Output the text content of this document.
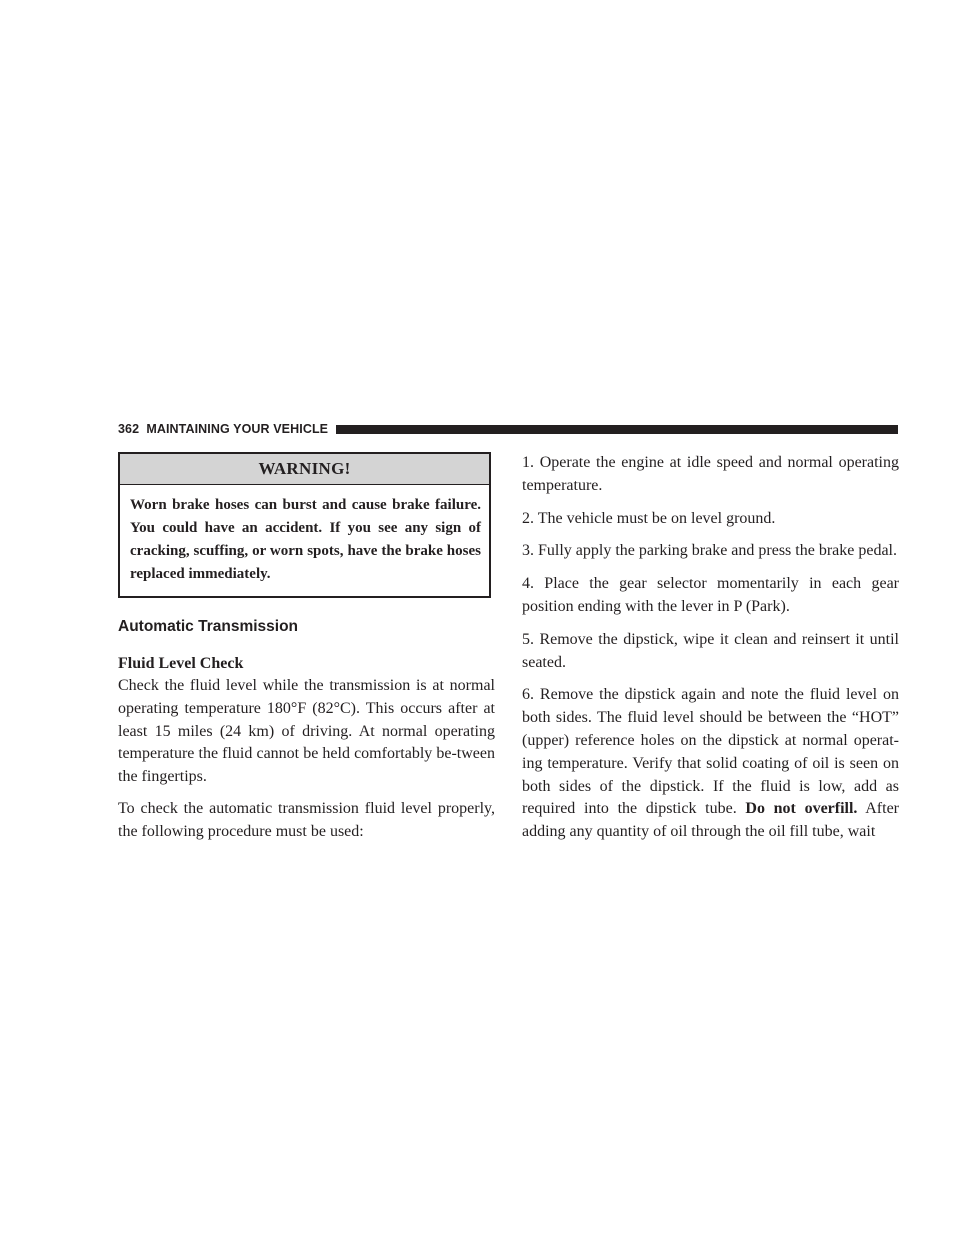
362 MAINTAINING YOUR VEHICLE
WARNING!
Worn brake hoses can burst and cause brake failure. You could have an accident. If you see any sign of cracking, scuffing, or worn spots, have the brake hoses replaced immediately.
Automatic Transmission
Fluid Level Check

Check the fluid level while the transmission is at normal operating temperature 180°F (82°C). This occurs after at least 15 miles (24 km) of driving. At normal operating temperature the fluid cannot be held comfortably be-tween the fingertips.

To check the automatic transmission fluid level properly, the following procedure must be used:

1. Operate the engine at idle speed and normal operating temperature.

2. The vehicle must be on level ground.

3. Fully apply the parking brake and press the brake pedal.

4. Place the gear selector momentarily in each gear position ending with the lever in P (Park).

5. Remove the dipstick, wipe it clean and reinsert it until seated.

6. Remove the dipstick again and note the fluid level on both sides. The fluid level should be between the “HOT” (upper) reference holes on the dipstick at normal operat-ing temperature. Verify that solid coating of oil is seen on both sides of the dipstick. If the fluid is low, add as required into the dipstick tube. Do not overfill. After adding any quantity of oil through the oil fill tube, wait
